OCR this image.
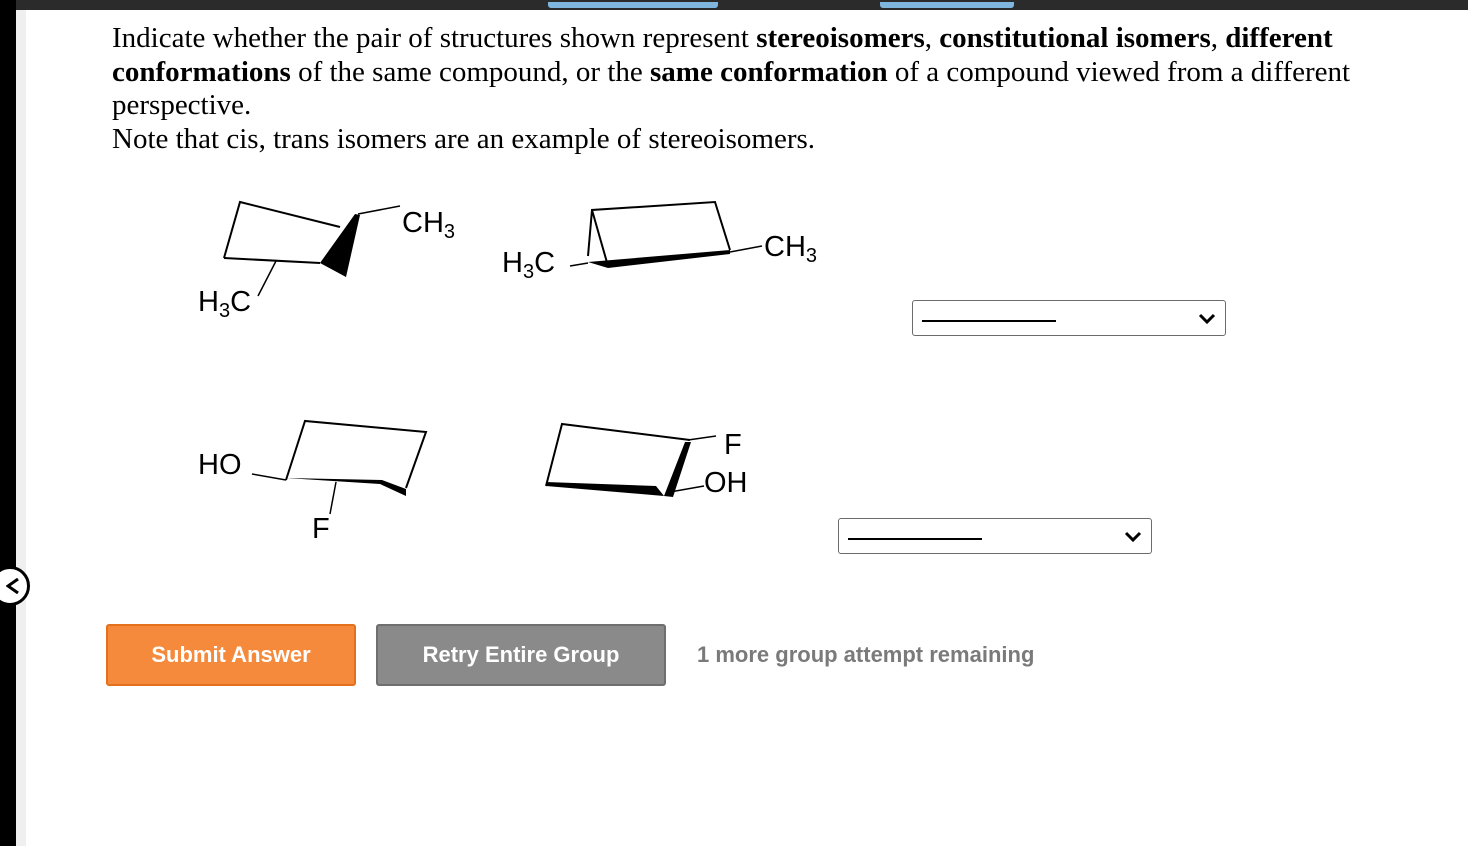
Indicate whether the pair of structures shown represent stereoisomers, constitutional isomers, different conformations of the same compound, or the same conformation of a compound viewed from a different perspective.

Note that cis, trans isomers are an example of stereoisomers.

$CH_3$
$H_3C$
$H_3C$	$CH_3$
HO
F
F
OH
Submit Answer	Retry Entire Group	1 more group attempt remaining
